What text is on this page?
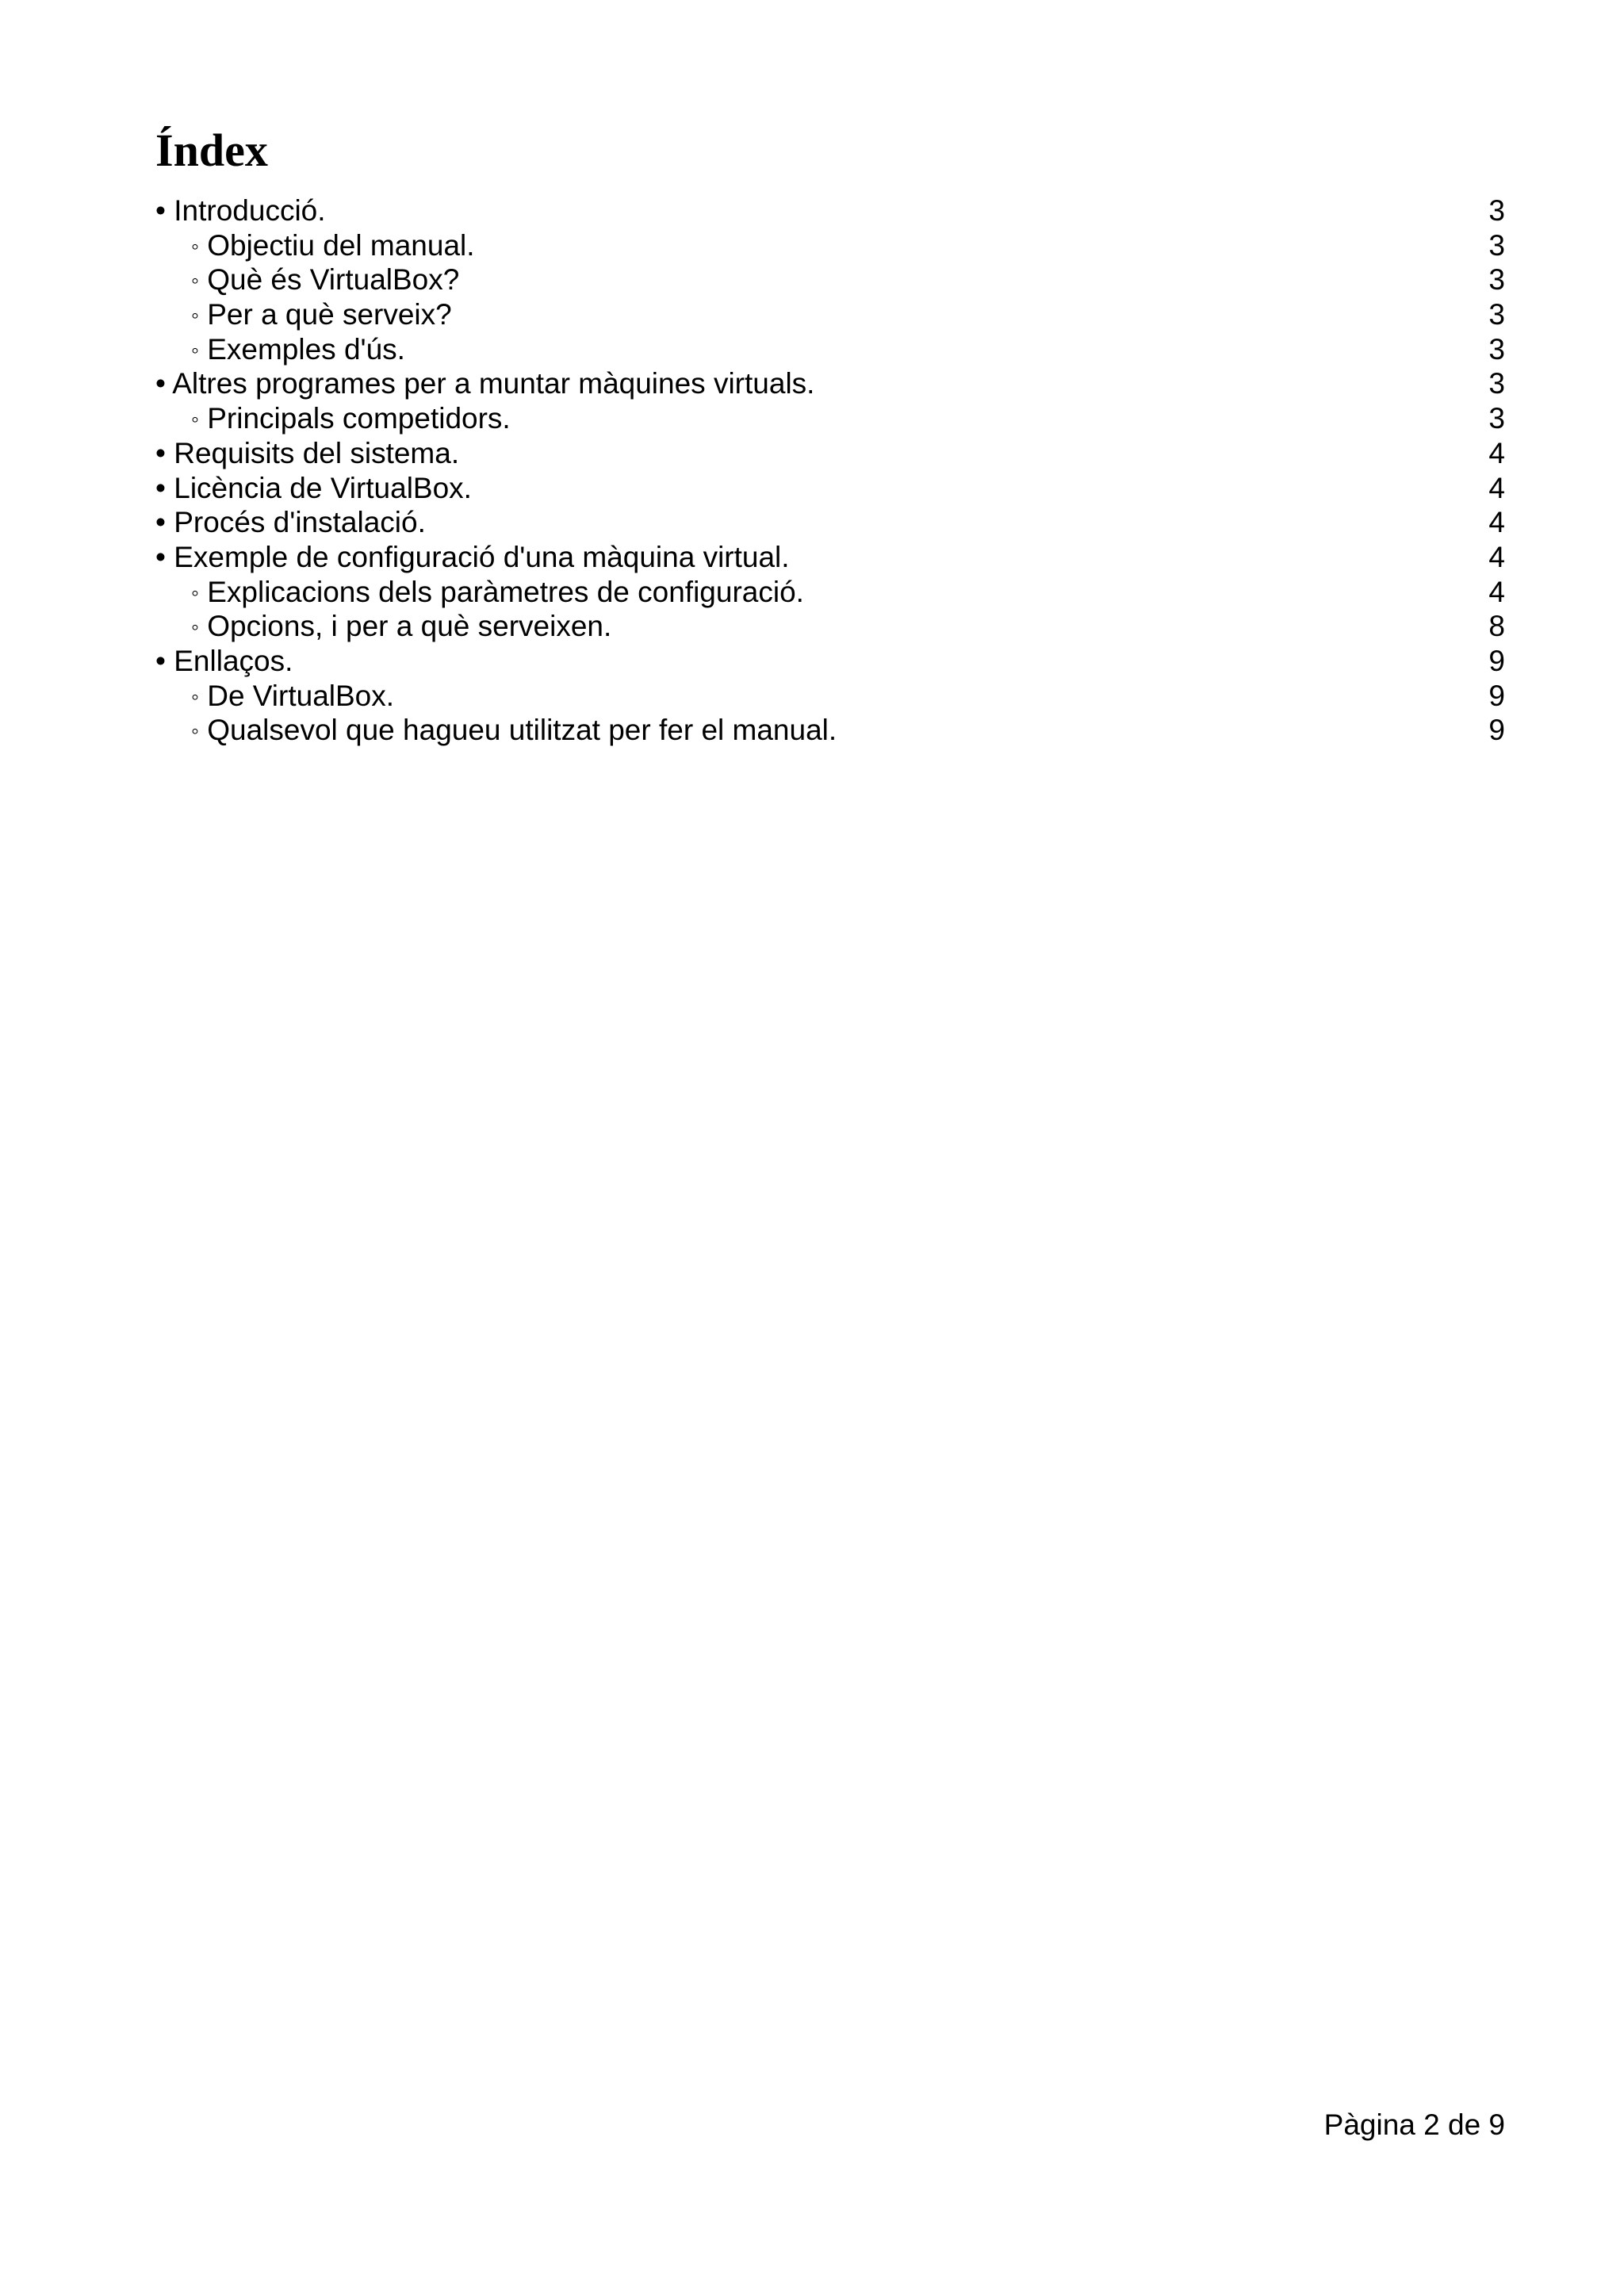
Índex
• Introducció.	3
◦ Objectiu del manual.	3
◦ Què és VirtualBox?	3
◦ Per a què serveix?	3
◦ Exemples d'ús.	3
• Altres programes per a muntar màquines virtuals.	3
◦ Principals competidors.	3
• Requisits del sistema.	4
• Licència de VirtualBox.	4
• Procés d'instalació.	4
• Exemple de configuració d'una màquina virtual.	4
◦ Explicacions dels paràmetres de configuració.	4
◦ Opcions, i per a què serveixen.	8
• Enllaços.	9
◦ De VirtualBox.	9
◦ Qualsevol que hagueu utilitzat per fer el manual.	9
Pàgina 2 de 9
